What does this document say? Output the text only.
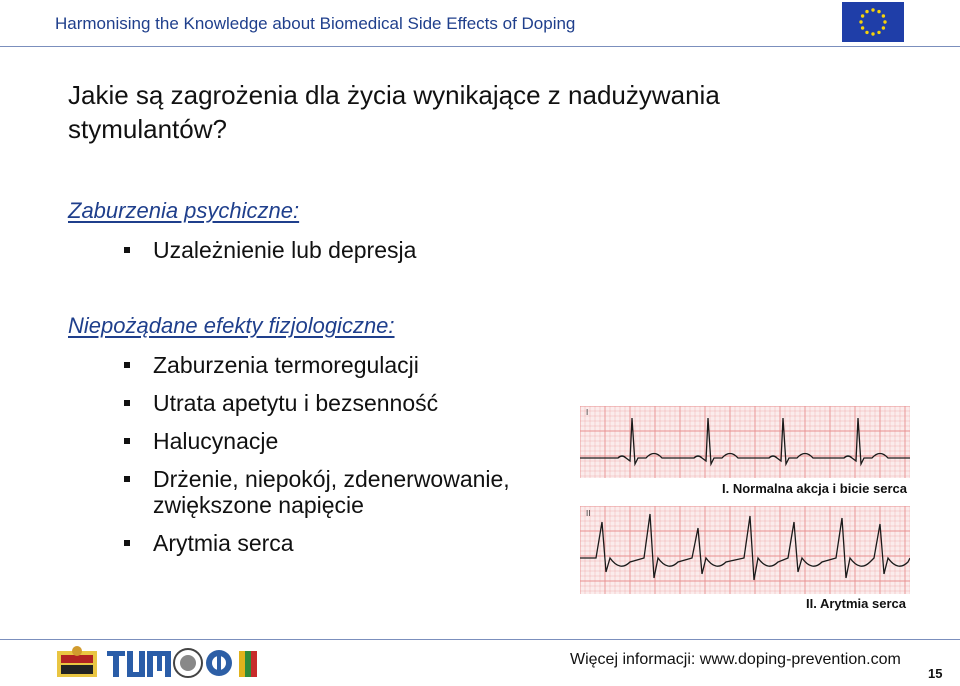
Harmonising the Knowledge about Biomedical Side Effects of Doping
Jakie są zagrożenia dla życia wynikające z nadużywania stymulantów?
Zaburzenia psychiczne:
Uzależnienie lub depresja
Niepożądane efekty fizjologiczne:
Zaburzenia termoregulacji
Utrata apetytu i bezsenność
Halucynacje
Drżenie, niepokój, zdenerwowanie, zwiększone napięcie
Arytmia serca
I
I. Normalna akcja i bicie serca
II
II. Arytmia serca
Więcej informacji: www.doping-prevention.com
15
